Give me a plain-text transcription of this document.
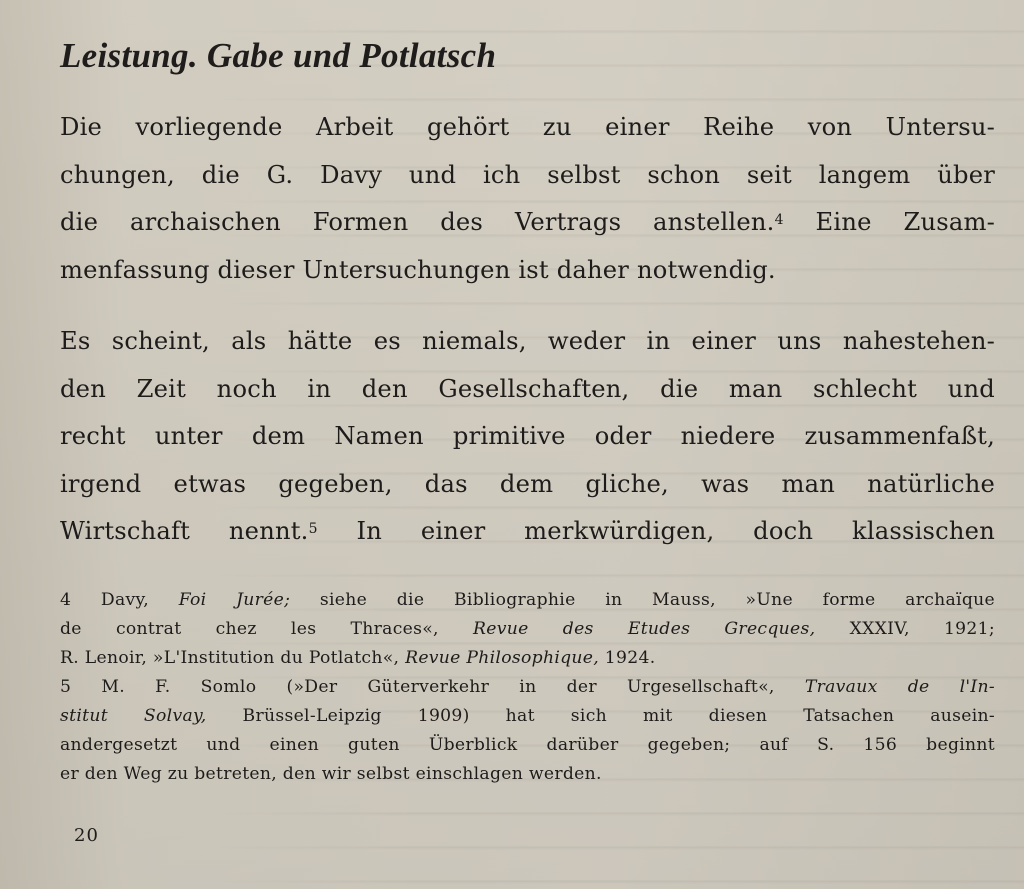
Leistung. Gabe und Potlatsch

Die vorliegende Arbeit gehört zu einer Reihe von Untersu-
chungen, die G. Davy und ich selbst schon seit langem über
die archaischen Formen des Vertrags anstellen.$^4$ Eine Zusam-
menfassung dieser Untersuchungen ist daher notwendig.

Es scheint, als hätte es niemals, weder in einer uns nahestehen-
den Zeit noch in den Gesellschaften, die man schlecht und
recht unter dem Namen primitive oder niedere zusammenfaßt,
irgend etwas gegeben, das dem gliche, was man natürliche
Wirtschaft nennt.$^5$ In einer merkwürdigen, doch klassischen

4 Davy, Foi Jurée; siehe die Bibliographie in Mauss, »Une forme archaïque
de contrat chez les Thraces«, Revue des Etudes Grecques, XXXIV, 1921;
R. Lenoir, »L'Institution du Potlatch«, Revue Philosophique, 1924.
5 M. F. Somlo (»Der Güterverkehr in der Urgesellschaft«, Travaux de l'In-
stitut Solvay, Brüssel-Leipzig 1909) hat sich mit diesen Tatsachen ausein-
andergesetzt und einen guten Überblick darüber gegeben; auf S. 156 beginnt
er den Weg zu betreten, den wir selbst einschlagen werden.
20
